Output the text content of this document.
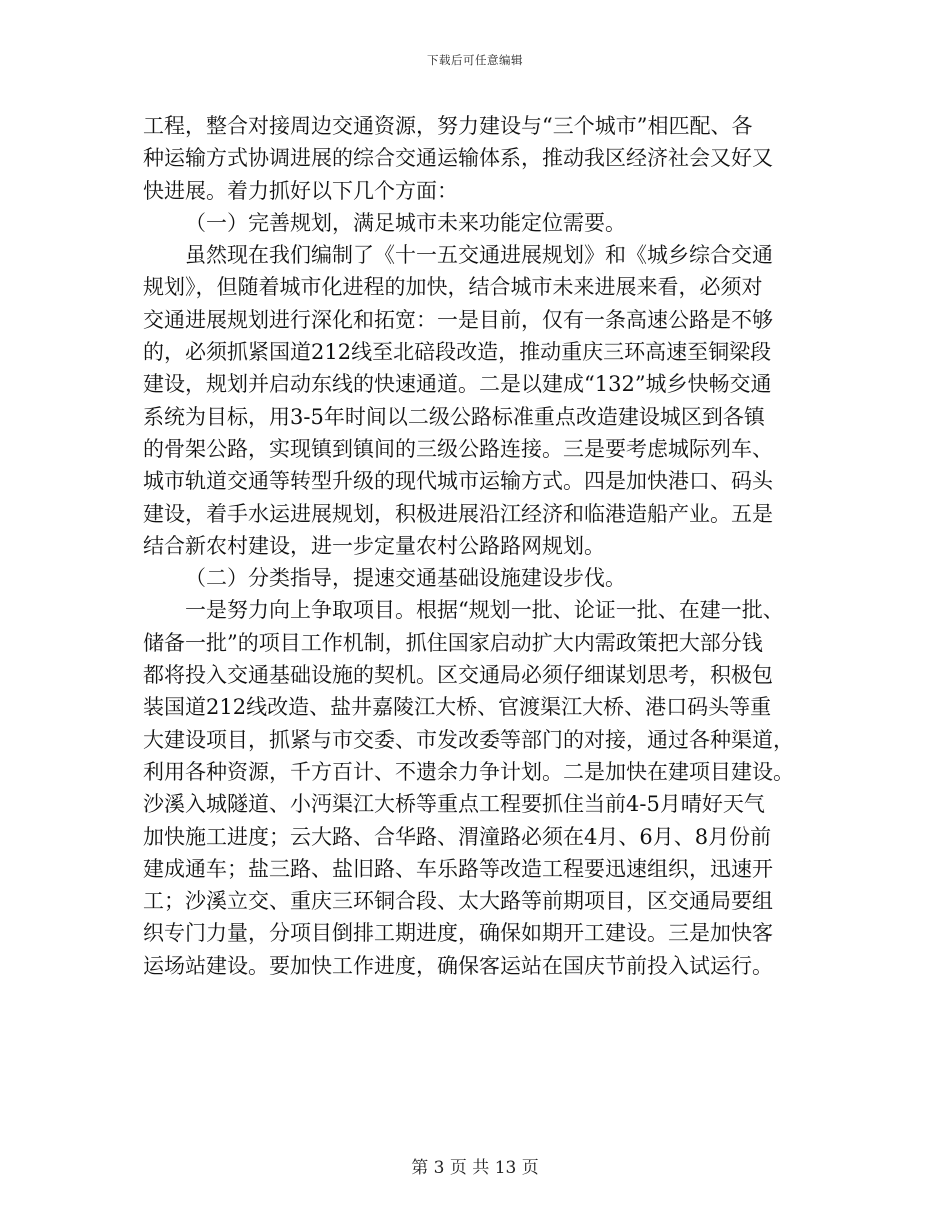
下载后可任意编辑
工程，整合对接周边交通资源，努力建设与“三个城市”相匹配、各
种运输方式协调进展的综合交通运输体系，推动我区经济社会又好又
快进展。着力抓好以下几个方面：
（一）完善规划，满足城市未来功能定位需要。
虽然现在我们编制了《十一五交通进展规划》和《城乡综合交通
规划》，但随着城市化进程的加快，结合城市未来进展来看，必须对
交通进展规划进行深化和拓宽：一是目前，仅有一条高速公路是不够
的，必须抓紧国道212线至北碚段改造，推动重庆三环高速至铜梁段
建设，规划并启动东线的快速通道。二是以建成“132”城乡快畅交通
系统为目标，用3-5年时间以二级公路标准重点改造建设城区到各镇
的骨架公路，实现镇到镇间的三级公路连接。三是要考虑城际列车、
城市轨道交通等转型升级的现代城市运输方式。四是加快港口、码头
建设，着手水运进展规划，积极进展沿江经济和临港造船产业。五是
结合新农村建设，进一步定量农村公路路网规划。
（二）分类指导，提速交通基础设施建设步伐。
一是努力向上争取项目。根据“规划一批、论证一批、在建一批、
储备一批”的项目工作机制，抓住国家启动扩大内需政策把大部分钱
都将投入交通基础设施的契机。区交通局必须仔细谋划思考，积极包
装国道212线改造、盐井嘉陵江大桥、官渡渠江大桥、港口码头等重
大建设项目，抓紧与市交委、市发改委等部门的对接，通过各种渠道，
利用各种资源，千方百计、不遗余力争计划。二是加快在建项目建设。
沙溪入城隧道、小沔渠江大桥等重点工程要抓住当前4-5月晴好天气
加快施工进度；云大路、合华路、渭潼路必须在4月、6月、8月份前
建成通车；盐三路、盐旧路、车乐路等改造工程要迅速组织，迅速开
工；沙溪立交、重庆三环铜合段、太大路等前期项目，区交通局要组
织专门力量，分项目倒排工期进度，确保如期开工建设。三是加快客
运场站建设。要加快工作进度，确保客运站在国庆节前投入试运行。
第 3 页 共 13 页
